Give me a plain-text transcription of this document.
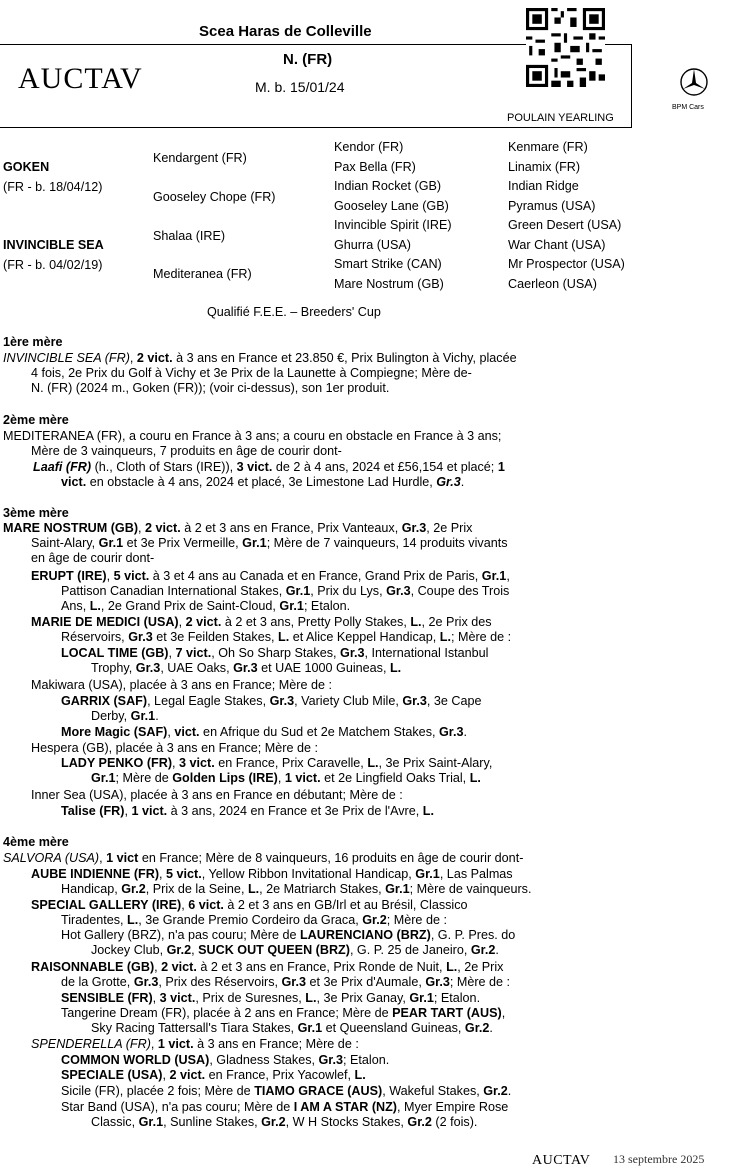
Scea Haras de Colleville
N. (FR)
M. b. 15/01/24
AUCTAV
POULAIN YEARLING
BPM Cars
GOKEN
(FR - b. 18/04/12)
INVINCIBLE SEA
(FR - b. 04/02/19)
Kendargent (FR)
Gooseley Chope (FR)
Shalaa (IRE)
Mediteranea (FR)
Kendor (FR)
Pax Bella (FR)
Indian Rocket (GB)
Gooseley Lane (GB)
Invincible Spirit (IRE)
Ghurra (USA)
Smart Strike (CAN)
Mare Nostrum (GB)
Kenmare (FR)
Linamix (FR)
Indian Ridge
Pyramus (USA)
Green Desert (USA)
War Chant (USA)
Mr Prospector (USA)
Caerleon (USA)
Qualifié F.E.E. – Breeders' Cup
1ère mère
INVINCIBLE SEA (FR), 2 vict. à 3 ans en France et 23.850 €, Prix Bulington à Vichy, placée
4 fois, 2e Prix du Golf à Vichy et 3e Prix de la Launette à Compiegne; Mère de-
N. (FR) (2024 m., Goken (FR)); (voir ci-dessus), son 1er produit.
2ème mère
MEDITERANEA (FR), a couru en France à 3 ans; a couru en obstacle en France à 3 ans;
Mère de 3 vainqueurs, 7 produits en âge de courir dont-
Laafi (FR) (h., Cloth of Stars (IRE)), 3 vict. de 2 à 4 ans, 2024 et £56,154 et placé; 1
vict. en obstacle à 4 ans, 2024 et placé, 3e Limestone Lad Hurdle, Gr.3.
3ème mère
MARE NOSTRUM (GB), 2 vict. à 2 et 3 ans en France, Prix Vanteaux, Gr.3, 2e Prix
Saint-Alary, Gr.1 et 3e Prix Vermeille, Gr.1; Mère de 7 vainqueurs, 14 produits vivants
en âge de courir dont-
ERUPT (IRE), 5 vict. à 3 et 4 ans au Canada et en France, Grand Prix de Paris, Gr.1,
Pattison Canadian International Stakes, Gr.1, Prix du Lys, Gr.3, Coupe des Trois
Ans, L., 2e Grand Prix de Saint-Cloud, Gr.1; Etalon.
MARIE DE MEDICI (USA), 2 vict. à 2 et 3 ans, Pretty Polly Stakes, L., 2e Prix des
Réservoirs, Gr.3 et 3e Feilden Stakes, L. et Alice Keppel Handicap, L.; Mère de :
LOCAL TIME (GB), 7 vict., Oh So Sharp Stakes, Gr.3, International Istanbul
Trophy, Gr.3, UAE Oaks, Gr.3 et UAE 1000 Guineas, L.
Makiwara (USA), placée à 3 ans en France; Mère de :
GARRIX (SAF), Legal Eagle Stakes, Gr.3, Variety Club Mile, Gr.3, 3e Cape
Derby, Gr.1.
More Magic (SAF), vict. en Afrique du Sud et 2e Matchem Stakes, Gr.3.
Hespera (GB), placée à 3 ans en France; Mère de :
LADY PENKO (FR), 3 vict. en France, Prix Caravelle, L., 3e Prix Saint-Alary,
Gr.1; Mère de Golden Lips (IRE), 1 vict. et 2e Lingfield Oaks Trial, L.
Inner Sea (USA), placée à 3 ans en France en débutant; Mère de :
Talise (FR), 1 vict. à 3 ans, 2024 en France et 3e Prix de l'Avre, L.
4ème mère
SALVORA (USA), 1 vict en France; Mère de 8 vainqueurs, 16 produits en âge de courir dont-
AUBE INDIENNE (FR), 5 vict., Yellow Ribbon Invitational Handicap, Gr.1, Las Palmas
Handicap, Gr.2, Prix de la Seine, L., 2e Matriarch Stakes, Gr.1; Mère de vainqueurs.
SPECIAL GALLERY (IRE), 6 vict. à 2 et 3 ans en GB/Irl et au Brésil, Classico
Tiradentes, L., 3e Grande Premio Cordeiro da Graca, Gr.2; Mère de :
Hot Gallery (BRZ), n'a pas couru; Mère de LAURENCIANO (BRZ), G. P. Pres. do
Jockey Club, Gr.2, SUCK OUT QUEEN (BRZ), G. P. 25 de Janeiro, Gr.2.
RAISONNABLE (GB), 2 vict. à 2 et 3 ans en France, Prix Ronde de Nuit, L., 2e Prix
de la Grotte, Gr.3, Prix des Réservoirs, Gr.3 et 3e Prix d'Aumale, Gr.3; Mère de :
SENSIBLE (FR), 3 vict., Prix de Suresnes, L., 3e Prix Ganay, Gr.1; Etalon.
Tangerine Dream (FR), placée à 2 ans en France; Mère de PEAR TART (AUS),
Sky Racing Tattersall's Tiara Stakes, Gr.1 et Queensland Guineas, Gr.2.
SPENDERELLA (FR), 1 vict. à 3 ans en France; Mère de :
COMMON WORLD (USA), Gladness Stakes, Gr.3; Etalon.
SPECIALE (USA), 2 vict. en France, Prix Yacowlef, L.
Sicile (FR), placée 2 fois; Mère de TIAMO GRACE (AUS), Wakeful Stakes, Gr.2.
Star Band (USA), n'a pas couru; Mère de I AM A STAR (NZ), Myer Empire Rose
Classic, Gr.1, Sunline Stakes, Gr.2, W H Stocks Stakes, Gr.2 (2 fois).
AUCTAV 13 septembre 2025
